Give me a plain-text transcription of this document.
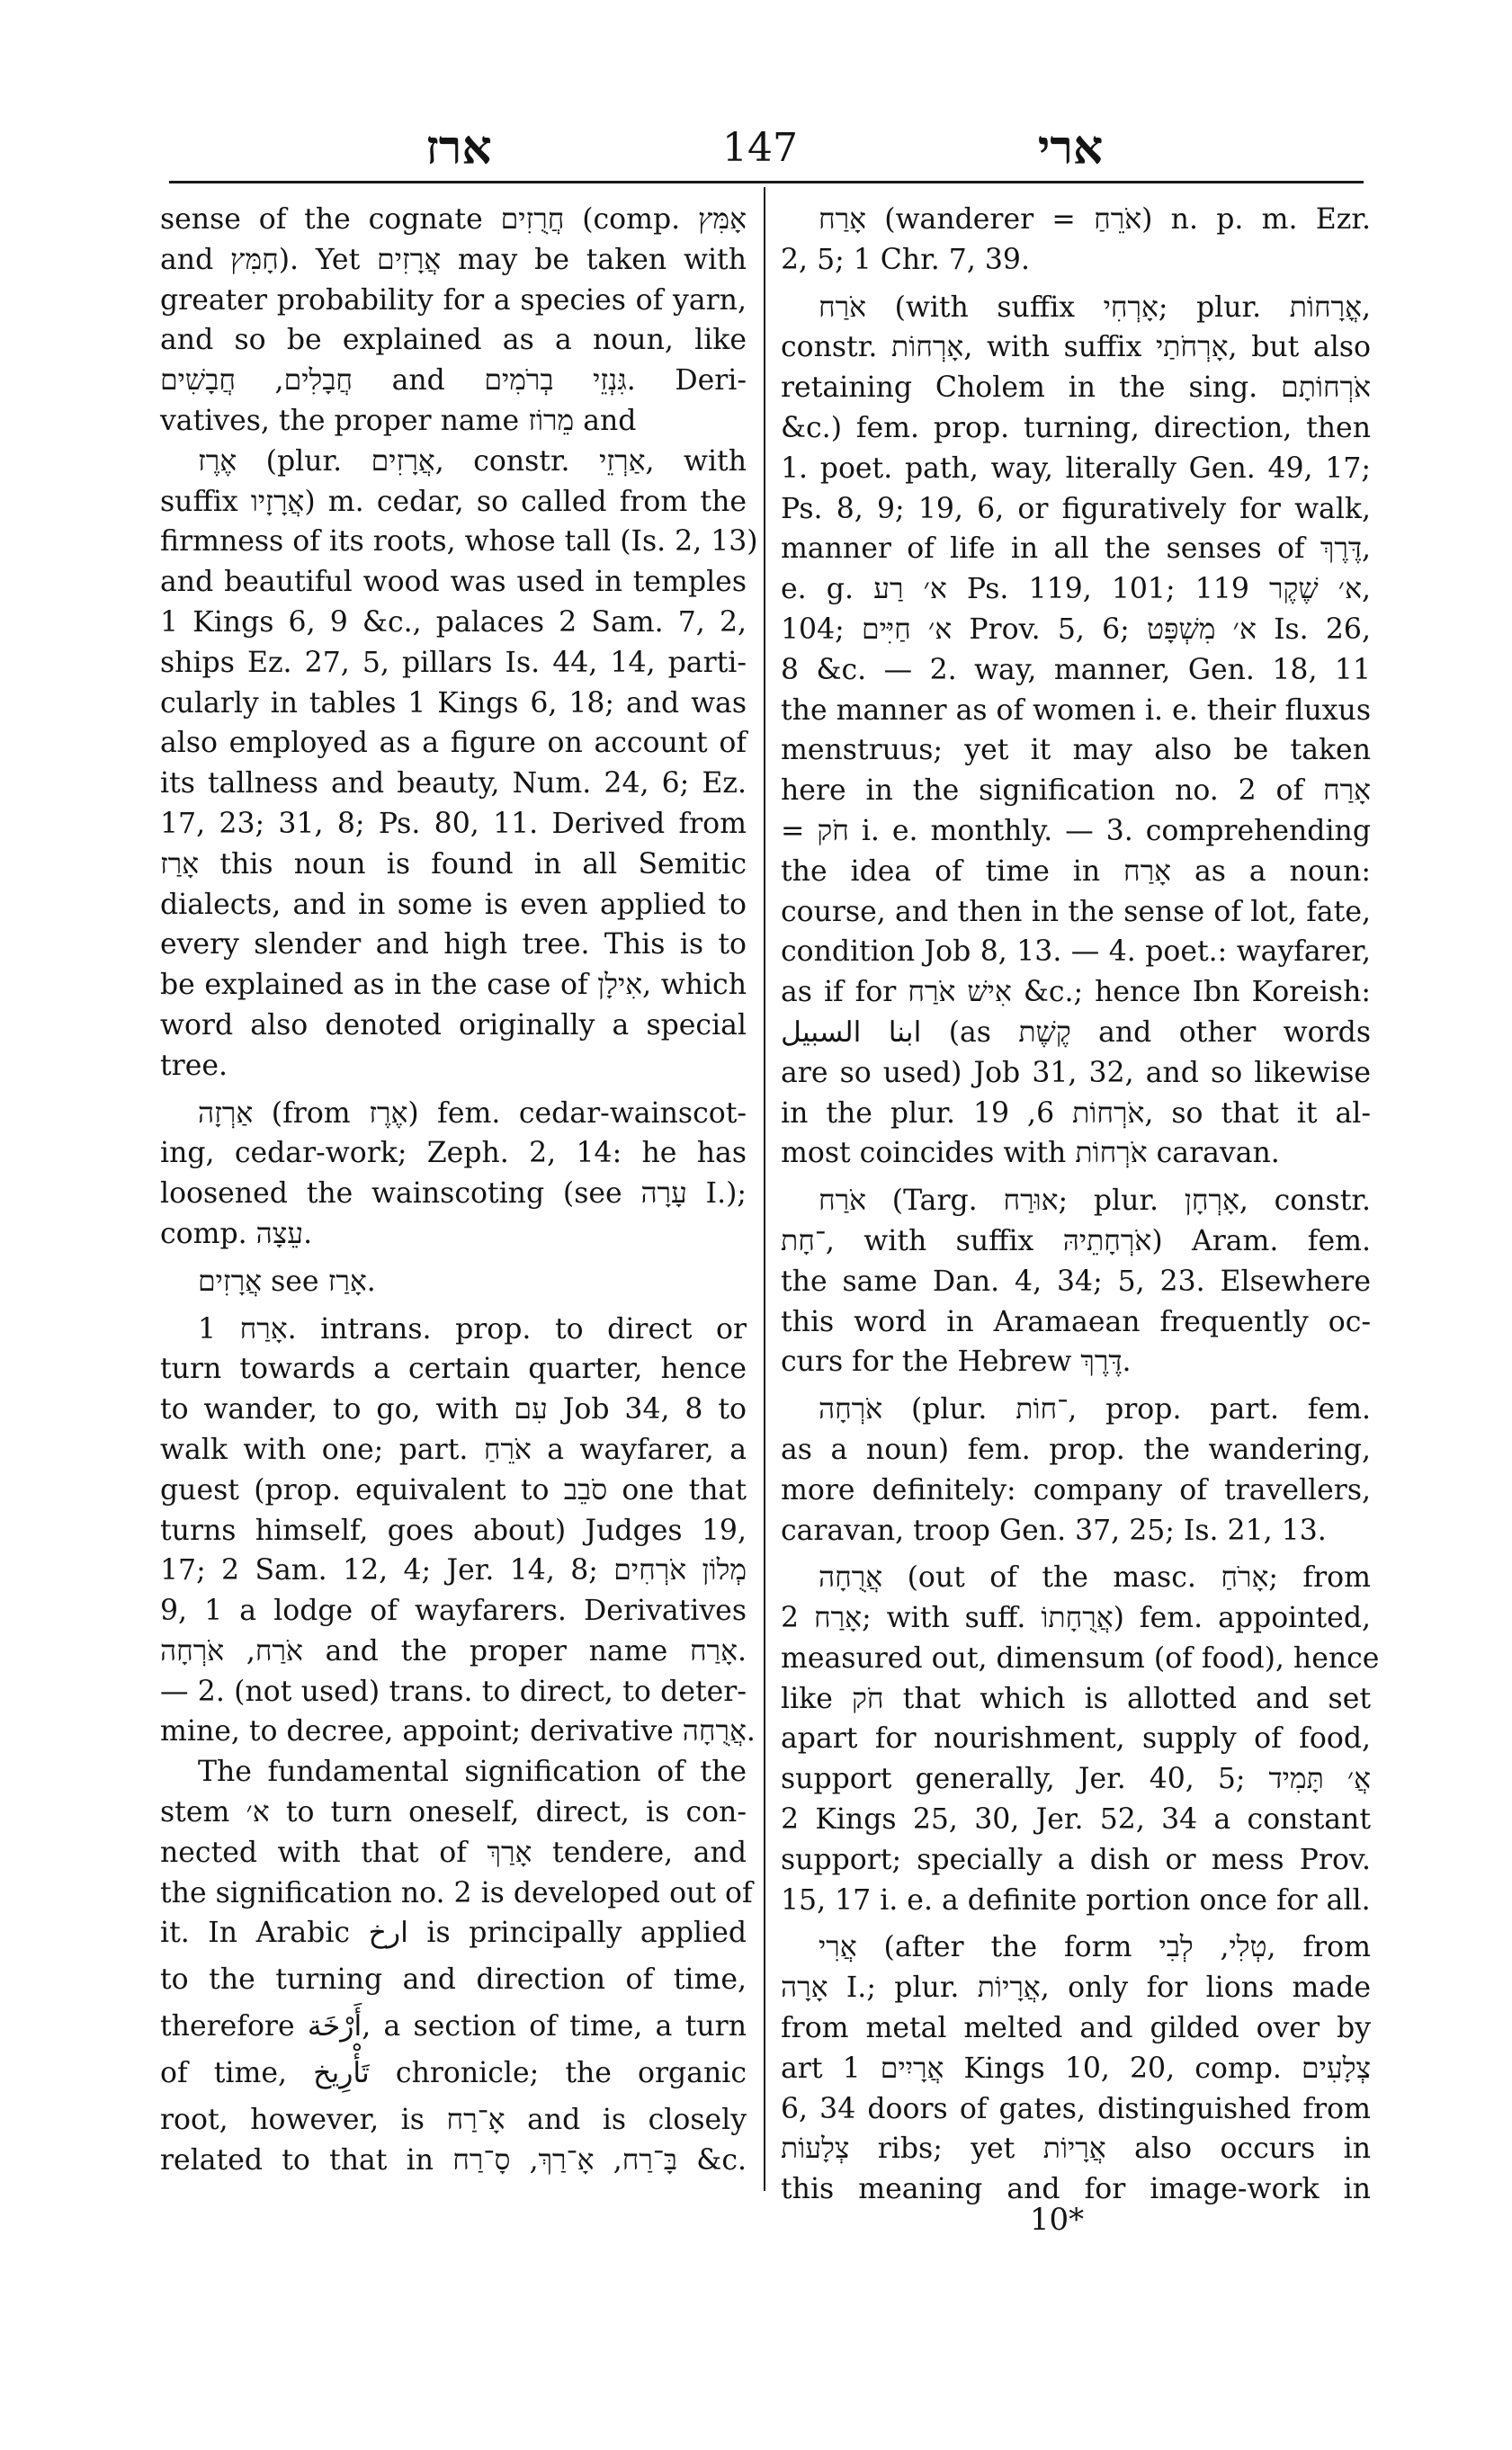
ארז	147	ארי
sense of the cognate חֲרֻזִים (comp. אָמִּץ
and חָמִּץ). Yet אֲרָזִים may be taken with
greater probability for a species of yarn,
and so be explained as a noun, like
חֲבָלִים, חֲבָשִׁים and גִּנְזֵי בְרֹמִים. Deri-
vatives, the proper name מֵרוֹז and
אֶרֶז (plur. אֲרָזִים, constr. אַרְזֵי, with
suffix אֲרָזָיו) m. cedar, so called from the
firmness of its roots, whose tall (Is. 2, 13)
and beautiful wood was used in temples
1 Kings 6, 9 &c., palaces 2 Sam. 7, 2,
ships Ez. 27, 5, pillars Is. 44, 14, parti-
cularly in tables 1 Kings 6, 18; and was
also employed as a figure on account of
its tallness and beauty, Num. 24, 6; Ez.
17, 23; 31, 8; Ps. 80, 11. Derived from
אָרַז this noun is found in all Semitic
dialects, and in some is even applied to
every slender and high tree. This is to
be explained as in the case of אִילָן, which
word also denoted originally a special
tree.
אַרְזָה (from אֶרֶז) fem. cedar-wainscot-
ing, cedar-work; Zeph. 2, 14: he has
loosened the wainscoting (see עָרָה I.);
comp. עֵצָה.
אֲרָזִים see אָרַז.
אָרַח 1. intrans. prop. to direct or
turn towards a certain quarter, hence
to wander, to go, with עִם Job 34, 8 to
walk with one; part. אֹרֵחַ a wayfarer, a
guest (prop. equivalent to סֹבֵב one that
turns himself, goes about) Judges 19,
17; 2 Sam. 12, 4; Jer. 14, 8; מְלוֹן אֹרְחִים
9, 1 a lodge of wayfarers. Derivatives
אֹרַח, אֹרְחָה and the proper name אָרַח.
— 2. (not used) trans. to direct, to deter-
mine, to decree, appoint; derivative אֲרֻחָה.
The fundamental signification of the
stem א׳ to turn oneself, direct, is con-
nected with that of אָרַךְ tendere, and
the signification no. 2 is developed out of
it. In Arabic ارخ is principally applied
to the turning and direction of time,
therefore أَرْخَة, a section of time, a turn
of time, تَأْرِيخ chronicle; the organic
root, however, is אָ־רַח and is closely
related to that in בָּ־רַח, אָ־רַךְ, סָ־רַח &c.
אָרַח (wanderer = אֹרֵחַ) n. p. m. Ezr.
2, 5; 1 Chr. 7, 39.
אֹרַח (with suffix אָרְחִי; plur. אֳרָחוֹת,
constr. אָרְחוֹת, with suffix אָרְחֹתַי, but also
retaining Cholem in the sing. אֹרְחוֹתָם
&c.) fem. prop. turning, direction, then
1. poet. path, way, literally Gen. 49, 17;
Ps. 8, 9; 19, 6, or figuratively for walk,
manner of life in all the senses of דֶּרֶךְ,
e. g. א׳ רַע Ps. 119, 101; א׳ שֶׁקֶר 119,
104; א׳ חַיִּים Prov. 5, 6; א׳ מִשְׁפָּט Is. 26,
8 &c. — 2. way, manner, Gen. 18, 11
the manner as of women i. e. their fluxus
menstruus; yet it may also be taken
here in the signification no. 2 of אָרַח
= חֹק i. e. monthly. — 3. comprehending
the idea of time in אָרַח as a noun:
course, and then in the sense of lot, fate,
condition Job 8, 13. — 4. poet.: wayfarer,
as if for אִישׁ אֹרַח &c.; hence Ibn Koreish:
ابنا السبيل (as קֶשֶׁת and other words
are so used) Job 31, 32, and so likewise
in the plur. אֹרְחוֹת 6, 19, so that it al-
most coincides with אֹרְחוֹת caravan.
אֹרַח (Targ. אוּרַח; plur. אָרְחָן, constr.
־חָת, with suffix אֹרְחָתֵיהּ) Aram. fem.
the same Dan. 4, 34; 5, 23. Elsewhere
this word in Aramaean frequently oc-
curs for the Hebrew דֶּרֶךְ.
אֹרְחָה (plur. ־חוֹת, prop. part. fem.
as a noun) fem. prop. the wandering,
more definitely: company of travellers,
caravan, troop Gen. 37, 25; Is. 21, 13.
אֲרֻחָה (out of the masc. אָרֹחַ; from
אָרַח 2; with suff. אֲרֻחָתוֹ) fem. appointed,
measured out, dimensum (of food), hence
like חֹק that which is allotted and set
apart for nourishment, supply of food,
support generally, Jer. 40, 5; אֲ׳ תָּמִיד
2 Kings 25, 30, Jer. 52, 34 a constant
support; specially a dish or mess Prov.
15, 17 i. e. a definite portion once for all.
אֲרִי (after the form טְלִי, לְבִי, from
אָרָה I.; plur. אֲרָיוֹת, only for lions made
from metal melted and gilded over by
art אֲרָיִים 1 Kings 10, 20, comp. צְלָעִים
6, 34 doors of gates, distinguished from
צְלָעוֹת ribs; yet אֲרָיוֹת also occurs in
this meaning and for image-work in
10*
